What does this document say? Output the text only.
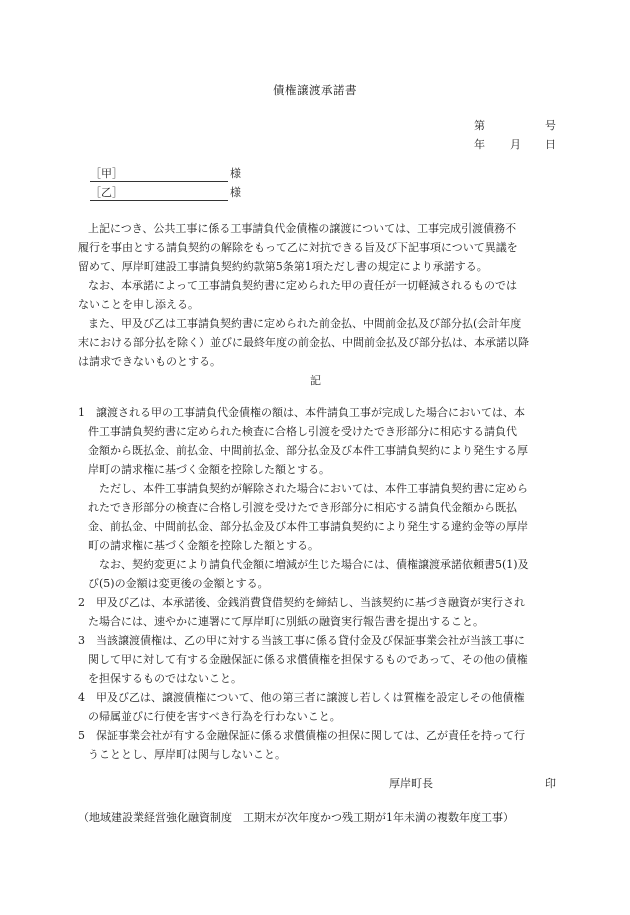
債権譲渡承諾書
第	号
年 月 日
［甲］	様
［乙］	様
上記につき、公共工事に係る工事請負代金債権の譲渡については、工事完成引渡債務不
履行を事由とする請負契約の解除をもって乙に対抗できる旨及び下記事項について異議を
留めて、厚岸町建設工事請負契約約款第5条第1項ただし書の規定により承諾する。
なお、本承諾によって工事請負契約書に定められた甲の責任が一切軽減されるものでは
ないことを申し添える。
また、甲及び乙は工事請負契約書に定められた前金払、中間前金払及び部分払(会計年度
末における部分払を除く）並びに最終年度の前金払、中間前金払及び部分払は、本承諾以降
は請求できないものとする。
記
1　譲渡される甲の工事請負代金債権の額は、本件請負工事が完成した場合においては、本
件工事請負契約書に定められた検査に合格し引渡を受けたでき形部分に相応する請負代
金額から既払金、前払金、中間前払金、部分払金及び本件工事請負契約により発生する厚
岸町の請求権に基づく金額を控除した額とする。
ただし、本件工事請負契約が解除された場合においては、本件工事請負契約書に定めら
れたでき形部分の検査に合格し引渡を受けたでき形部分に相応する請負代金額から既払
金、前払金、中間前払金、部分払金及び本件工事請負契約により発生する違約金等の厚岸
町の請求権に基づく金額を控除した額とする。
なお、契約変更により請負代金額に増減が生じた場合には、債権譲渡承諾依頼書5(1)及
び(5)の金額は変更後の金額とする。
2　甲及び乙は、本承諾後、金銭消費貸借契約を締結し、当該契約に基づき融資が実行され
た場合には、速やかに連署にて厚岸町に別紙の融資実行報告書を提出すること。
3　当該譲渡債権は、乙の甲に対する当該工事に係る貸付金及び保証事業会社が当該工事に
関して甲に対して有する金融保証に係る求償債権を担保するものであって、その他の債権
を担保するものではないこと。
4　甲及び乙は、譲渡債権について、他の第三者に譲渡し若しくは質権を設定しその他債権
の帰属並びに行使を害すべき行為を行わないこと。
5　保証事業会社が有する金融保証に係る求償債権の担保に関しては、乙が責任を持って行
うこととし、厚岸町は関与しないこと。
厚岸町長	印
（地域建設業経営強化融資制度　工期末が次年度かつ残工期が1年未満の複数年度工事）
